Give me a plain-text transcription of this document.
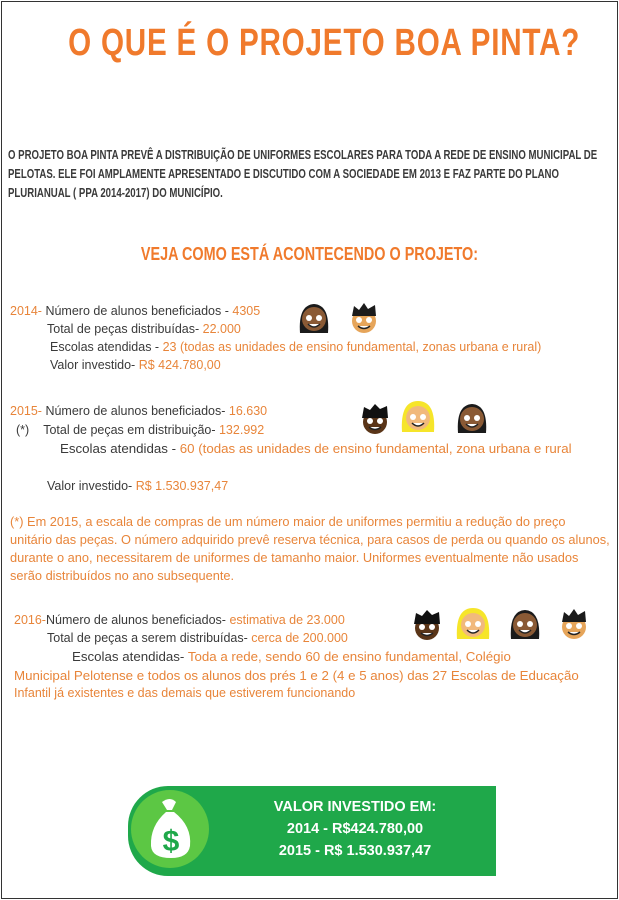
O QUE É O PROJETO BOA PINTA?
O PROJETO BOA PINTA PREVÊ A DISTRIBUIÇÃO DE UNIFORMES ESCOLARES PARA TODA A REDE DE ENSINO MUNICIPAL DE PELOTAS. ELE FOI AMPLAMENTE APRESENTADO E DISCUTIDO COM A SOCIEDADE EM 2013 E FAZ PARTE DO PLANO PLURIANUAL ( PPA 2014-2017) DO MUNICÍPIO.
VEJA COMO ESTÁ ACONTECENDO O PROJETO:
2014- Número de alunos beneficiados - 4305
Total de peças distribuídas- 22.000
Escolas atendidas - 23 (todas as unidades de ensino fundamental, zonas urbana e rural)
Valor investido- R$ 424.780,00
2015- Número de alunos beneficiados- 16.630
(*) Total de peças em distribuição- 132.992
Escolas atendidas - 60 (todas as unidades de ensino fundamental, zona urbana e rural
Valor investido- R$ 1.530.937,47
(*) Em 2015, a escala de compras de um número maior de uniformes permitiu a redução do preço unitário das peças. O número adquirido prevê reserva técnica, para casos de perda ou quando os alunos, durante o ano, necessitarem de uniformes de tamanho maior. Uniformes eventualmente não usados serão distribuídos no ano subsequente.
2016-Número de alunos beneficiados- estimativa de 23.000
Total de peças a serem distribuídas- cerca de 200.000
Escolas atendidas- Toda a rede, sendo 60 de ensino fundamental, Colégio
Municipal Pelotense e todos os alunos dos prés 1 e 2 (4 e 5 anos) das 27 Escolas de Educação
Infantil já existentes e das demais que estiverem funcionando
$
VALOR INVESTIDO EM:
2014 - R$424.780,00
2015 - R$ 1.530.937,47
